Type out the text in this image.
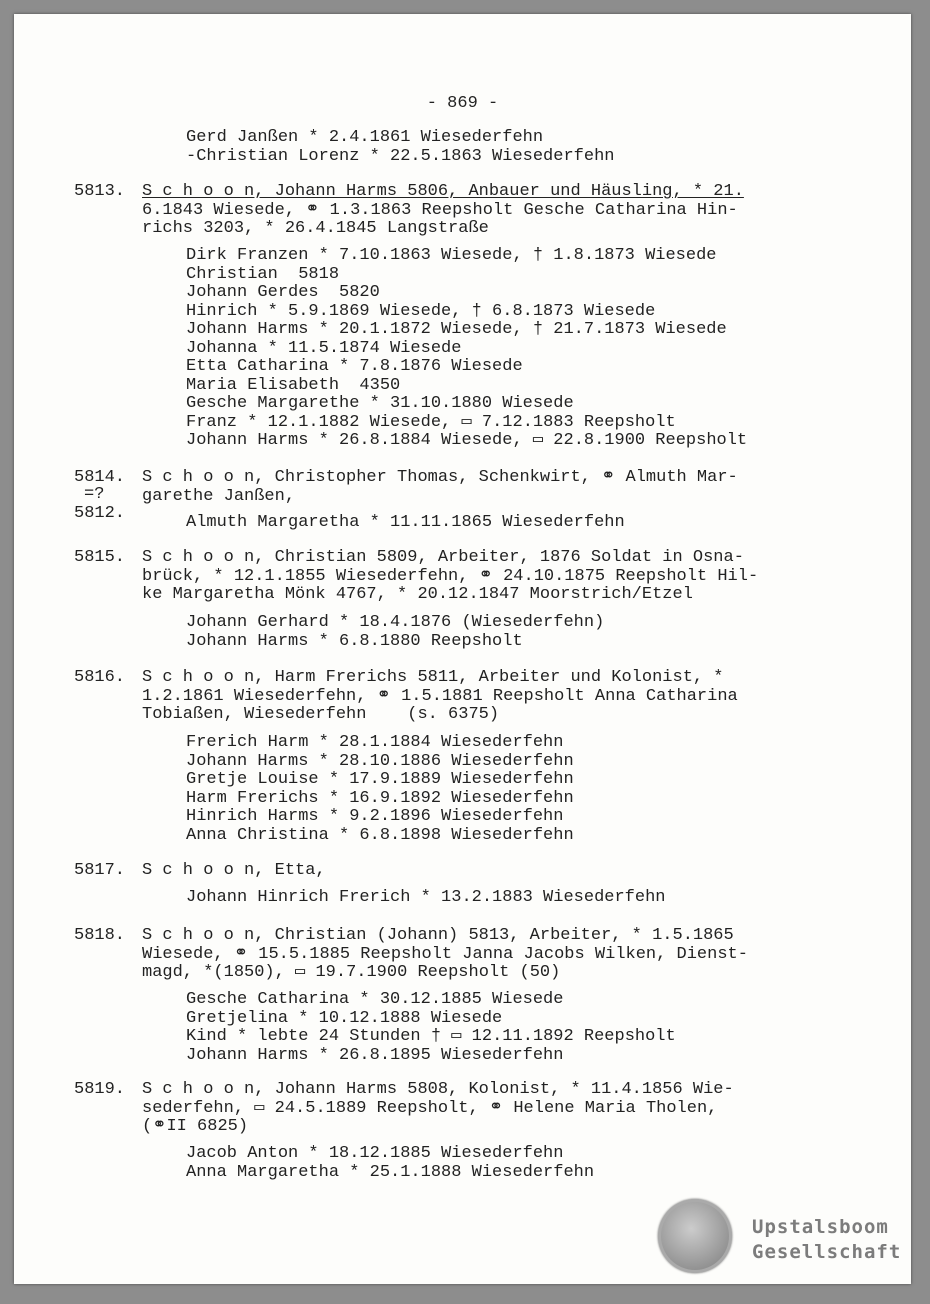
- 869 -
Gerd Janßen * 2.4.1861 Wiesederfehn
-Christian Lorenz * 22.5.1863 Wiesederfehn
5813. S c h o o n, Johann Harms 5806, Anbauer und Häusling, * 21.
6.1843 Wiesede, ⚭ 1.3.1863 Reepsholt Gesche Catharina Hin-
richs 3203, * 26.4.1845 Langstraße
Dirk Franzen * 7.10.1863 Wiesede, † 1.8.1873 Wiesede
Christian  5818
Johann Gerdes  5820
Hinrich * 5.9.1869 Wiesede, † 6.8.1873 Wiesede
Johann Harms * 20.1.1872 Wiesede, † 21.7.1873 Wiesede
Johanna * 11.5.1874 Wiesede
Etta Catharina * 7.8.1876 Wiesede
Maria Elisabeth  4350
Gesche Margarethe * 31.10.1880 Wiesede
Franz * 12.1.1882 Wiesede, ▭ 7.12.1883 Reepsholt
Johann Harms * 26.8.1884 Wiesede, ▭ 22.8.1900 Reepsholt
5814.
=?
5812.
S c h o o n, Christopher Thomas, Schenkwirt, ⚭ Almuth Mar-
garethe Janßen,
Almuth Margaretha * 11.11.1865 Wiesederfehn
5815. S c h o o n, Christian 5809, Arbeiter, 1876 Soldat in Osna-
brück, * 12.1.1855 Wiesederfehn, ⚭ 24.10.1875 Reepsholt Hil-
ke Margaretha Mönk 4767, * 20.12.1847 Moorstrich/Etzel
Johann Gerhard * 18.4.1876 (Wiesederfehn)
Johann Harms * 6.8.1880 Reepsholt
5816. S c h o o n, Harm Frerichs 5811, Arbeiter und Kolonist, *
1.2.1861 Wiesederfehn, ⚭ 1.5.1881 Reepsholt Anna Catharina
Tobiaßen, Wiesederfehn    (s. 6375)
Frerich Harm * 28.1.1884 Wiesederfehn
Johann Harms * 28.10.1886 Wiesederfehn
Gretje Louise * 17.9.1889 Wiesederfehn
Harm Frerichs * 16.9.1892 Wiesederfehn
Hinrich Harms * 9.2.1896 Wiesederfehn
Anna Christina * 6.8.1898 Wiesederfehn
5817. S c h o o n, Etta,
Johann Hinrich Frerich * 13.2.1883 Wiesederfehn
5818. S c h o o n, Christian (Johann) 5813, Arbeiter, * 1.5.1865
Wiesede, ⚭ 15.5.1885 Reepsholt Janna Jacobs Wilken, Dienst-
magd, *(1850), ▭ 19.7.1900 Reepsholt (50)
Gesche Catharina * 30.12.1885 Wiesede
Gretjelina * 10.12.1888 Wiesede
Kind * lebte 24 Stunden † ▭ 12.11.1892 Reepsholt
Johann Harms * 26.8.1895 Wiesederfehn
5819. S c h o o n, Johann Harms 5808, Kolonist, * 11.4.1856 Wie-
sederfehn, ▭ 24.5.1889 Reepsholt, ⚭ Helene Maria Tholen,
(⚭II 6825)
Jacob Anton * 18.12.1885 Wiesederfehn
Anna Margaretha * 25.1.1888 Wiesederfehn
Upstalsboom
Gesellschaft
